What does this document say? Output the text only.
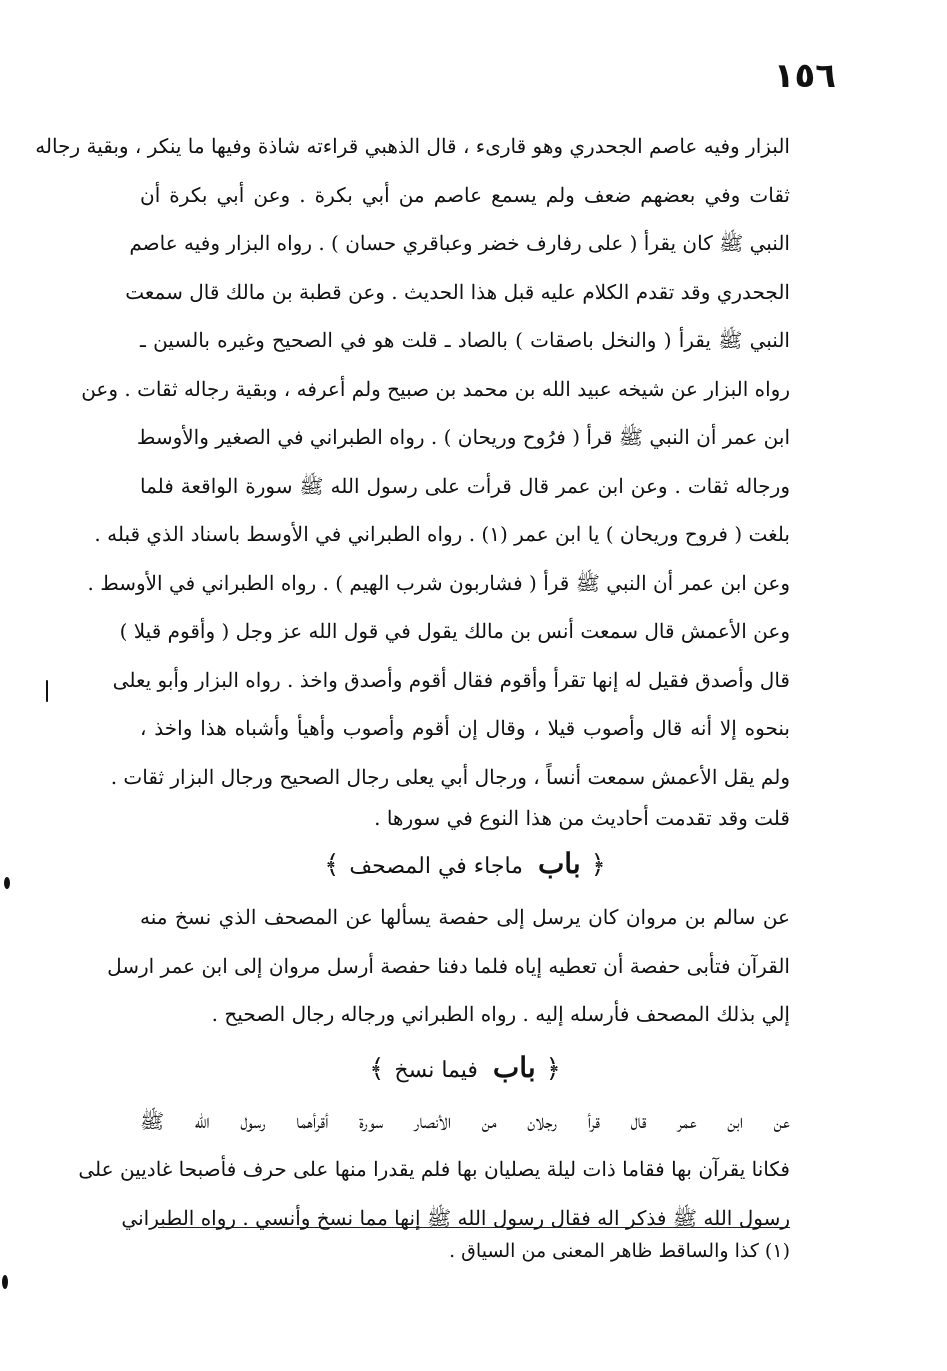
١٥٦
البزار وفيه عاصم الجحدري وهو قارىء ، قال الذهبي قراءته شاذة وفيها ما ينكر ، وبقية رجاله
ثقات وفي بعضهم ضعف ولم يسمع عاصم من أبي بكرة . وعن أبي بكرة أن
النبي ﷺ كان يقرأ ( على رفارف خضر وعباقري حسان ) . رواه البزار وفيه عاصم
الجحدري وقد تقدم الكلام عليه قبل هذا الحديث . وعن قطبة بن مالك قال سمعت
النبي ﷺ يقرأ ( والنخل باصقات ) بالصاد ـ قلت هو في الصحيح وغيره بالسين ـ
رواه البزار عن شيخه عبيد الله بن محمد بن صبيح ولم أعرفه ، وبقية رجاله ثقات . وعن
ابن عمر أن النبي ﷺ قرأ ( فرُوح وريحان ) . رواه الطبراني في الصغير والأوسط
ورجاله ثقات . وعن ابن عمر قال قرأت على رسول الله ﷺ سورة الواقعة فلما
بلغت ( فروح وريحان ) يا ابن عمر (١) . رواه الطبراني في الأوسط باسناد الذي قبله .
وعن ابن عمر أن النبي ﷺ قرأ ( فشاربون شرب الهيم ) . رواه الطبراني في الأوسط .
وعن الأعمش قال سمعت أنس بن مالك يقول في قول الله عز وجل ( وأقوم قيلا )
قال وأصدق فقيل له إنها تقرأ وأقوم فقال أقوم وأصدق واخذ . رواه البزار وأبو يعلى
بنحوه إلا أنه قال وأصوب قيلا ، وقال إن أقوم وأصوب وأهيأ وأشباه هذا واخذ ،
ولم يقل الأعمش سمعت أنساً ، ورجال أبي يعلى رجال الصحيح ورجال البزار ثقات .
قلت وقد تقدمت أحاديث من هذا النوع في سورها .
﴿باب ماجاء في المصحف﴾
عن سالم بن مروان كان يرسل إلى حفصة يسألها عن المصحف الذي نسخ منه
القرآن فتأبى حفصة أن تعطيه إياه فلما دفنا حفصة أرسل مروان إلى ابن عمر ارسل
إلي بذلك المصحف فأرسله إليه . رواه الطبراني ورجاله رجال الصحيح .
﴿باب فيما نسخ﴾
عن ابن عمر قال قرأ رجلان من الأنصار سورة أقرأهما رسول الله ﷺ
فكانا يقرآن بها فقاما ذات ليلة يصليان بها فلم يقدرا منها على حرف فأصبحا غاديين على
رسول الله ﷺ فذكر اله فقال رسول الله ﷺ إنها مما نسخ وأنسي . رواه الطبراني
(١) كذا والساقط ظاهر المعنى من السياق .
